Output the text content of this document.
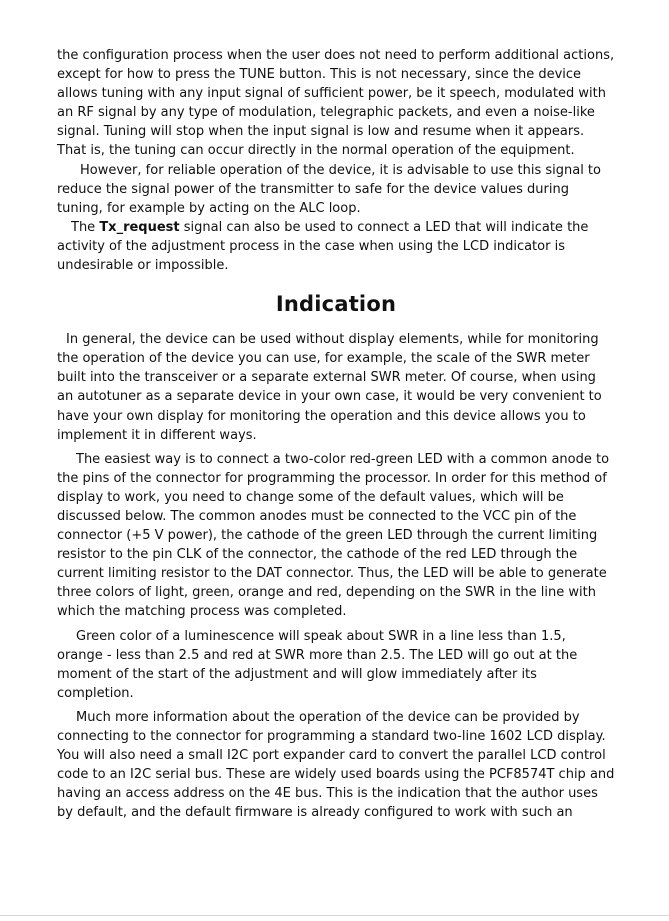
the configuration process when the user does not need to perform additional actions, except for how to press the TUNE button. This is not necessary, since the device allows tuning with any input signal of sufficient power, be it speech, modulated with an RF signal by any type of modulation, telegraphic packets, and even a noise-like signal. Tuning will stop when the input signal is low and resume when it appears. That is, the tuning can occur directly in the normal operation of the equipment.

However, for reliable operation of the device, it is advisable to use this signal to reduce the signal power of the transmitter to safe for the device values during tuning, for example by acting on the ALC loop.

The Tx_request signal can also be used to connect a LED that will indicate the activity of the adjustment process in the case when using the LCD indicator is undesirable or impossible.

Indication

In general, the device can be used without display elements, while for monitoring the operation of the device you can use, for example, the scale of the SWR meter built into the transceiver or a separate external SWR meter. Of course, when using an autotuner as a separate device in your own case, it would be very convenient to have your own display for monitoring the operation and this device allows you to implement it in different ways.

The easiest way is to connect a two-color red-green LED with a common anode to the pins of the connector for programming the processor. In order for this method of display to work, you need to change some of the default values, which will be discussed below. The common anodes must be connected to the VCC pin of the connector (+5 V power), the cathode of the green LED through the current limiting resistor to the pin CLK of the connector, the cathode of the red LED through the current limiting resistor to the DAT connector. Thus, the LED will be able to generate three colors of light, green, orange and red, depending on the SWR in the line with which the matching process was completed.

Green color of a luminescence will speak about SWR in a line less than 1.5, orange - less than 2.5 and red at SWR more than 2.5. The LED will go out at the moment of the start of the adjustment and will glow immediately after its completion.

Much more information about the operation of the device can be provided by connecting to the connector for programming a standard two-line 1602 LCD display. You will also need a small I2C port expander card to convert the parallel LCD control code to an I2C serial bus. These are widely used boards using the PCF8574T chip and having an access address on the 4E bus. This is the indication that the author uses by default, and the default firmware is already configured to work with such an
